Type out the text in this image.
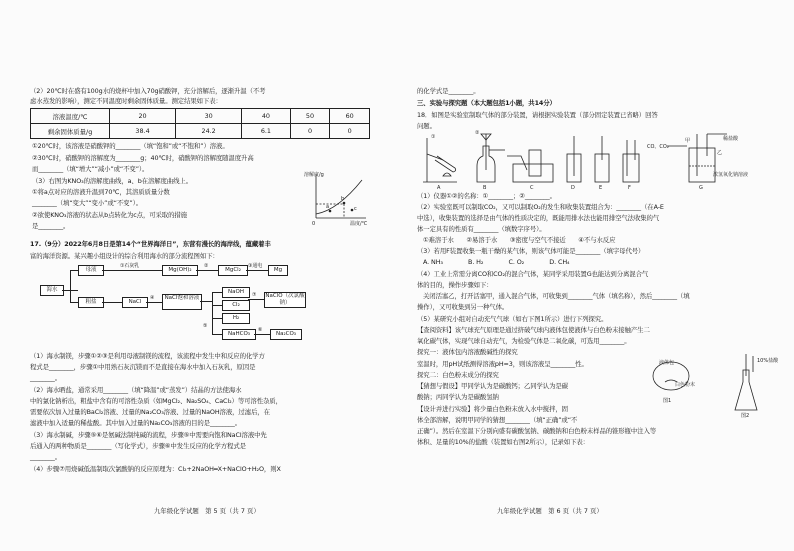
（2）20℃时在盛有100g水的烧杯中加入70g硝酸钾，充分溶解后，逐渐升温（不考
虑水蒸发的影响），测定不同温度时剩余固体质量。测定结果如下表：
溶液温度/℃	20	30	40	50	60
剩余固体质量/g	38.4	24.2	6.1	0	0
①20℃时，该溶液是硝酸钾的________（填“饱和”或“不饱和”）溶液。
②30℃时，硝酸钾的溶解度为________g；40℃时，硝酸钾的溶解度随温度升高
而________（填“增大”“减小”或“不变”）。
（3）右图为KNO₃的溶解度曲线，a、b在溶解度曲线上。
①将a点对应的溶液升温到70℃，其溶质质量分数
________（填“变大”“变小”或“不变”）。
②欲使KNO₃溶液的状态从b点转化为c点，可采取的措施
是________。
a
b
c
溶解度/g
0	温度/℃
17.（9分）2022年6月8日是第14个“世界海洋日”，东营有漫长的海岸线，蕴藏着丰
富的海洋资源。某兴趣小组设计的综合利用海水的部分流程图如下：
海水
母液	Mg(OH)₂	MgCl₂	Mg
粗盐	NaCl
NaCl饱和溶液
NaOH
Cl₂
H₂
NaClO（次氯酸钠）
NaHCO₃	Na₂CO₃
①石灰乳	②	③通电
④
⑤
⑥
⑦
（1）海水制镁，步骤①②③是利用母液制镁的流程，该流程中发生中和反应的化学方
程式是________，步骤①中用熟石灰沉镁而不是直接在海水中加入石灰乳，原因是
________。
（2）海水晒盐，通常采用________（填“降温”或“蒸发”）结晶的方法使海水
中的氯化钠析出，粗盐中含有的可溶性杂质（如MgCl₂、Na₂SO₄、CaCl₂）等可溶性杂质，
需要依次加入过量的BaCl₂溶液、过量的Na₂CO₃溶液、过量的NaOH溶液，过滤后，在
滤液中加入适量的稀盐酸。其中加入过量的Na₂CO₃溶液的目的是________。
（3）海水制碱，步骤⑤⑥是氨碱法制纯碱的流程，步骤⑤中需要向饱和NaCl溶液中先
后通入的两种物质是________（写化学式），步骤⑥中发生反应的化学方程式是
________。
（4）步骤⑦用烧碱低温制取次氯酸钠的反应原理为：Cl₂+2NaOH═X+NaClO+H₂O，则X
九年级化学试题　第 5 页（共 7 页）
的化学式是________。
三、实验与探究题（本大题包括1小题，共14分）
18．如图是实验室制取气体的部分装置，请根据实验装置（部分固定装置已省略）回答
问题。
A
①
B
②
C	D	E	F
CO、CO₂
甲	稀盐酸
浓氢氧化钠溶液
乙
G
（1）仪器①②的名称：①________；②________。
（2）实验室既可以制取CO₂，又可以制取O₂的发生和收集装置组合为：________（在A-E
中选），收集装置的选择是由气体的性质决定的，既能用排水法也能用排空气法收集的气
体一定具有的性质有________（填数字序号）。
①难溶于水　　②易溶于水　　③密度与空气不接近　　④不与水反应
（3）若用F装置收集一瓶干燥的某气体，则该气体可能是________（填字母代号）
A. NH₃　　　　B. H₂　　　　C. O₂　　　　D. CH₄
（4）工业上常需分离CO和CO₂的混合气体，某同学采用装置G也能达到分离混合气
体的目的，操作步骤如下：
关闭活塞乙，打开活塞甲，通入混合气体，可收集到________气体（填名称），然后________（填
操作），又可收集到另一种气体。
（5）某研究小组对自动充气气球（如右下图1所示）进行下列探究。
【查阅资料】该气球充气原理是通过挤破气球内液体包使液体与白色粉末接触产生二
氧化碳气体，实现气球自动充气，为检验气体是二氧化碳，可选用________。
探究一：液体包内溶液酸碱性的探究
室温时，用pH试纸测得溶液pH=3，则该溶液呈________性。
探究二：白色粉末成分的探究
【猜想与假设】甲同学认为是碳酸钙；乙同学认为是碳
酸钠；丙同学认为是碳酸氢钠
【设计并进行实验】将少量白色粉末放入水中搅拌，固
体全部溶解，说明甲同学的猜想________（填“正确”或“不
正确”）。然后在室温下分别向盛有碳酸氢钠、碳酸钠和白色粉末样品的锥形瓶中注入等
体积、足量的10%的盐酸（装置如右图2所示），记录如下表：
液体包
白色粉末
图1
10%盐酸
图2
九年级化学试题　第 6 页（共 7 页）
